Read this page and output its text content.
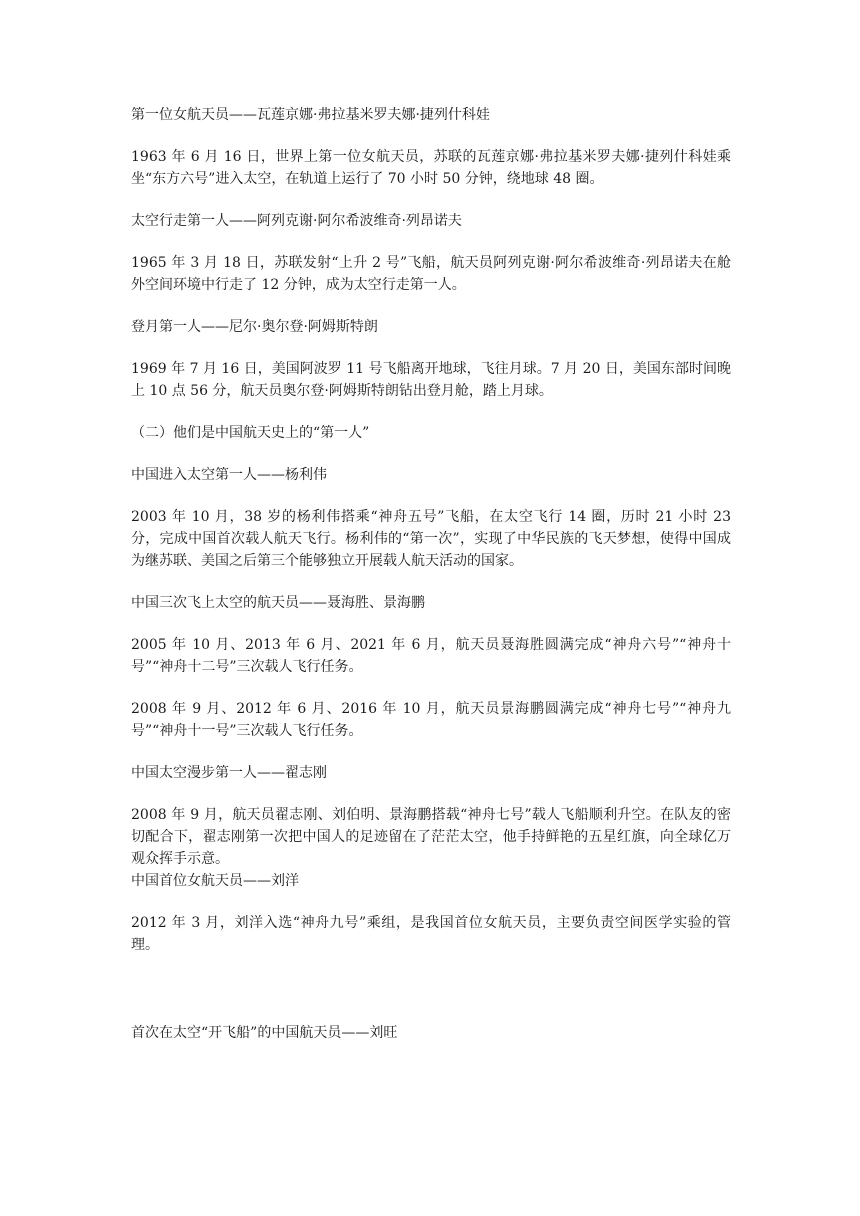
第一位女航天员——瓦莲京娜·弗拉基米罗夫娜·捷列什科娃

1963 年 6 月 16 日，世界上第一位女航天员，苏联的瓦莲京娜·弗拉基米罗夫娜·捷列什科娃乘坐“东方六号”进入太空，在轨道上运行了 70 小时 50 分钟，绕地球 48 圈。

太空行走第一人——阿列克谢·阿尔希波维奇·列昂诺夫

1965 年 3 月 18 日，苏联发射“上升 2 号”飞船，航天员阿列克谢·阿尔希波维奇·列昂诺夫在舱外空间环境中行走了 12 分钟，成为太空行走第一人。

登月第一人——尼尔·奥尔登·阿姆斯特朗

1969 年 7 月 16 日，美国阿波罗 11 号飞船离开地球，飞往月球。7 月 20 日，美国东部时间晚上 10 点 56 分，航天员奥尔登·阿姆斯特朗钻出登月舱，踏上月球。

（二）他们是中国航天史上的“第一人”

中国进入太空第一人——杨利伟

2003 年 10 月，38 岁的杨利伟搭乘“神舟五号”飞船，在太空飞行 14 圈，历时 21 小时 23 分，完成中国首次载人航天飞行。杨利伟的“第一次”，实现了中华民族的飞天梦想，使得中国成为继苏联、美国之后第三个能够独立开展载人航天活动的国家。

中国三次飞上太空的航天员——聂海胜、景海鹏

2005 年 10 月、2013 年 6 月、2021 年 6 月，航天员聂海胜圆满完成“神舟六号”“神舟十号”“神舟十二号”三次载人飞行任务。

2008 年 9 月、2012 年 6 月、2016 年 10 月，航天员景海鹏圆满完成“神舟七号”“神舟九号”“神舟十一号”三次载人飞行任务。

中国太空漫步第一人——翟志刚

2008 年 9 月，航天员翟志刚、刘伯明、景海鹏搭载“神舟七号”载人飞船顺利升空。在队友的密切配合下，翟志刚第一次把中国人的足迹留在了茫茫太空，他手持鲜艳的五星红旗，向全球亿万观众挥手示意。

中国首位女航天员——刘洋

2012 年 3 月，刘洋入选“神舟九号”乘组，是我国首位女航天员，主要负责空间医学实验的管理。

首次在太空“开飞船”的中国航天员——刘旺
